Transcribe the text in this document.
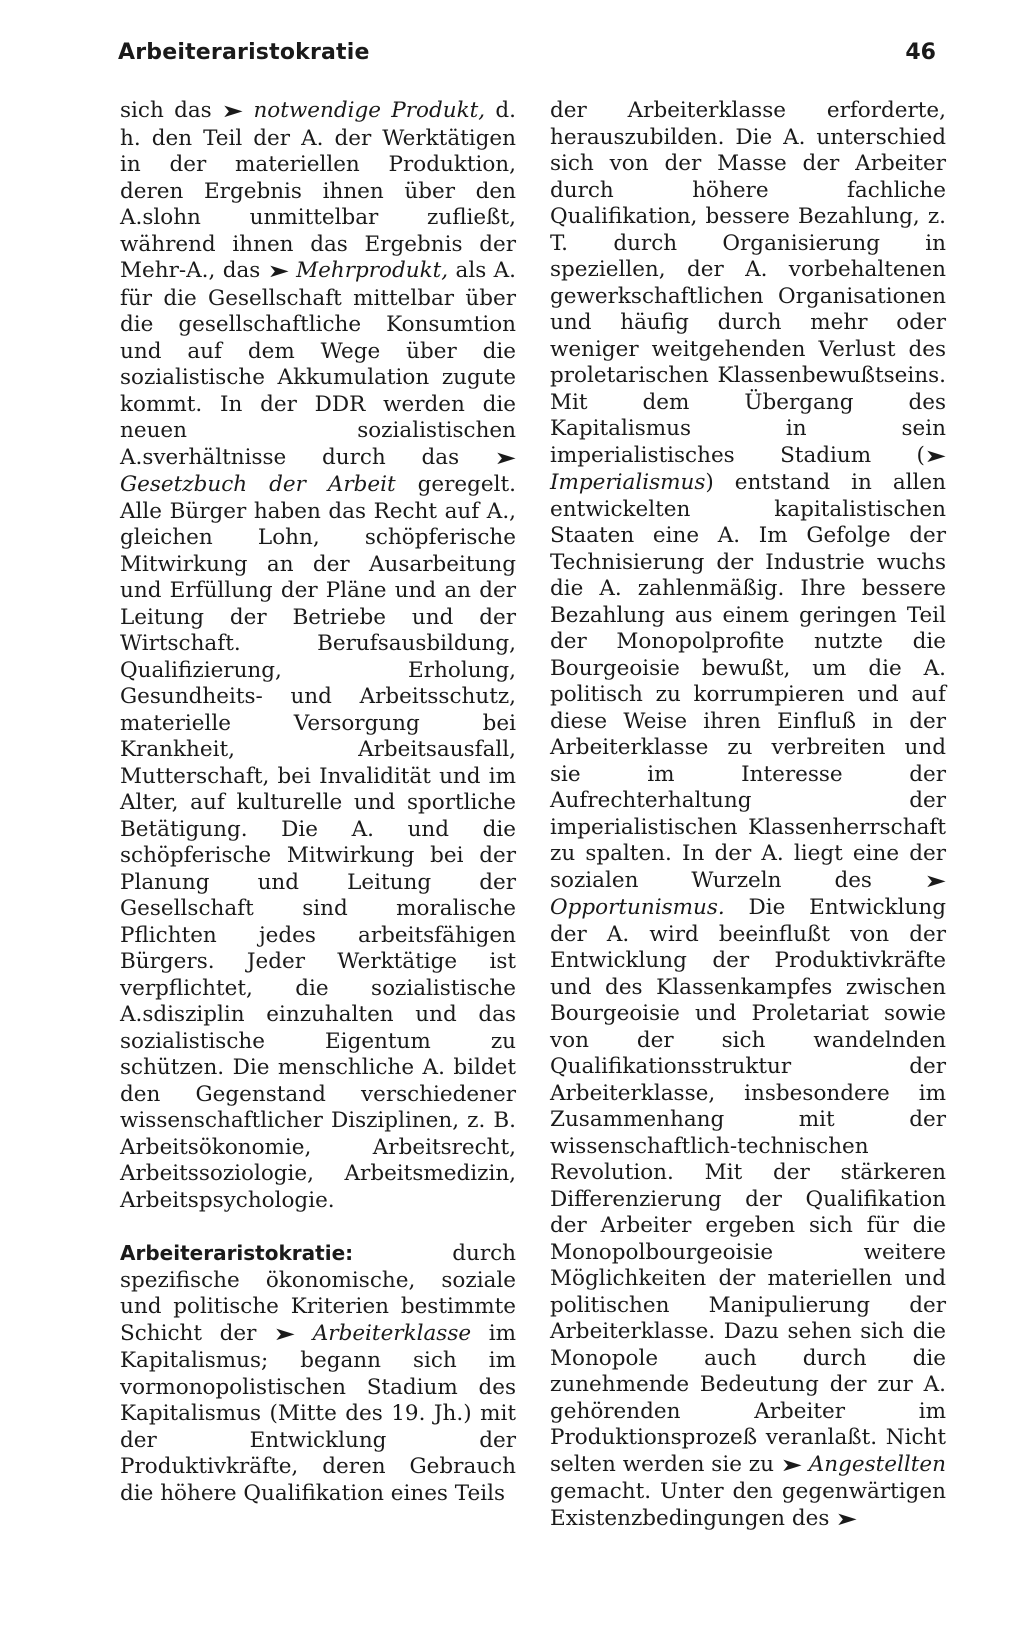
Arbeiteraristokratie	46

sich das ➤ notwendige Produkt, d. h. den Teil der A. der Werktätigen in der materiellen Produktion, deren Ergebnis ihnen über den A.slohn unmittelbar zufließt, während ihnen das Ergebnis der Mehr-A., das ➤ Mehrprodukt, als A. für die Gesellschaft mittelbar über die gesellschaftliche Konsumtion und auf dem Wege über die sozialistische Akkumulation zugute kommt. In der DDR werden die neuen sozialistischen A.sverhältnisse durch das ➤ Gesetzbuch der Arbeit geregelt. Alle Bürger haben das Recht auf A., gleichen Lohn, schöpferische Mitwirkung an der Ausarbeitung und Erfüllung der Pläne und an der Leitung der Betriebe und der Wirtschaft. Berufsausbildung, Qualifizierung, Erholung, Gesundheits- und Arbeitsschutz, materielle Versorgung bei Krankheit, Arbeitsausfall, Mutterschaft, bei Invalidität und im Alter, auf kulturelle und sportliche Betätigung. Die A. und die schöpferische Mitwirkung bei der Planung und Leitung der Gesellschaft sind moralische Pflichten jedes arbeitsfähigen Bürgers. Jeder Werktätige ist verpflichtet, die sozialistische A.sdisziplin einzuhalten und das sozialistische Eigentum zu schützen. Die menschliche A. bildet den Gegenstand verschiedener wissenschaftlicher Disziplinen, z. B. Arbeitsökonomie, Arbeitsrecht, Arbeitssoziologie, Arbeitsmedizin, Arbeitspsychologie.

Arbeiteraristokratie:	durch spezifische ökonomische, soziale und politische Kriterien bestimmte Schicht der ➤ Arbeiterklasse im Kapitalismus; begann sich im vormonopolistischen Stadium des Kapitalismus (Mitte des 19. Jh.) mit der Entwicklung der Produktivkräfte, deren Gebrauch die höhere Qualifikation eines Teils

der Arbeiterklasse erforderte, herauszubilden. Die A. unterschied sich von der Masse der Arbeiter durch höhere fachliche Qualifikation, bessere Bezahlung, z. T. durch Organisierung in speziellen, der A. vorbehaltenen gewerkschaftlichen Organisationen und häufig durch mehr oder weniger weitgehenden Verlust des proletarischen Klassenbewußtseins. Mit dem Übergang des Kapitalismus in sein imperialistisches Stadium (➤ Imperialismus) entstand in allen entwickelten kapitalistischen Staaten eine A. Im Gefolge der Technisierung der Industrie wuchs die A. zahlenmäßig. Ihre bessere Bezahlung aus einem geringen Teil der Monopolprofite nutzte die Bourgeoisie bewußt, um die A. politisch zu korrumpieren und auf diese Weise ihren Einfluß in der Arbeiterklasse zu verbreiten und sie im Interesse der Aufrechterhaltung der imperialistischen Klassenherrschaft zu spalten. In der A. liegt eine der sozialen Wurzeln des	➤ Opportunismus. Die Entwicklung der A. wird beeinflußt von der Entwicklung der Produktivkräfte und des Klassenkampfes zwischen Bourgeoisie und Proletariat sowie von der sich wandelnden Qualifikationsstruktur der Arbeiterklasse, insbesondere im Zusammenhang mit der wissenschaftlich-technischen Revolution. Mit der stärkeren Differenzierung der Qualifikation der Arbeiter ergeben sich für die Monopolbourgeoisie weitere Möglichkeiten der materiellen und politischen Manipulierung der Arbeiterklasse. Dazu sehen sich die Monopole auch durch die zunehmende Bedeutung der zur A. gehörenden Arbeiter im Produktionsprozeß veranlaßt. Nicht selten werden sie zu ➤ Angestellten gemacht. Unter den gegenwärtigen Existenzbedingungen des ➤
